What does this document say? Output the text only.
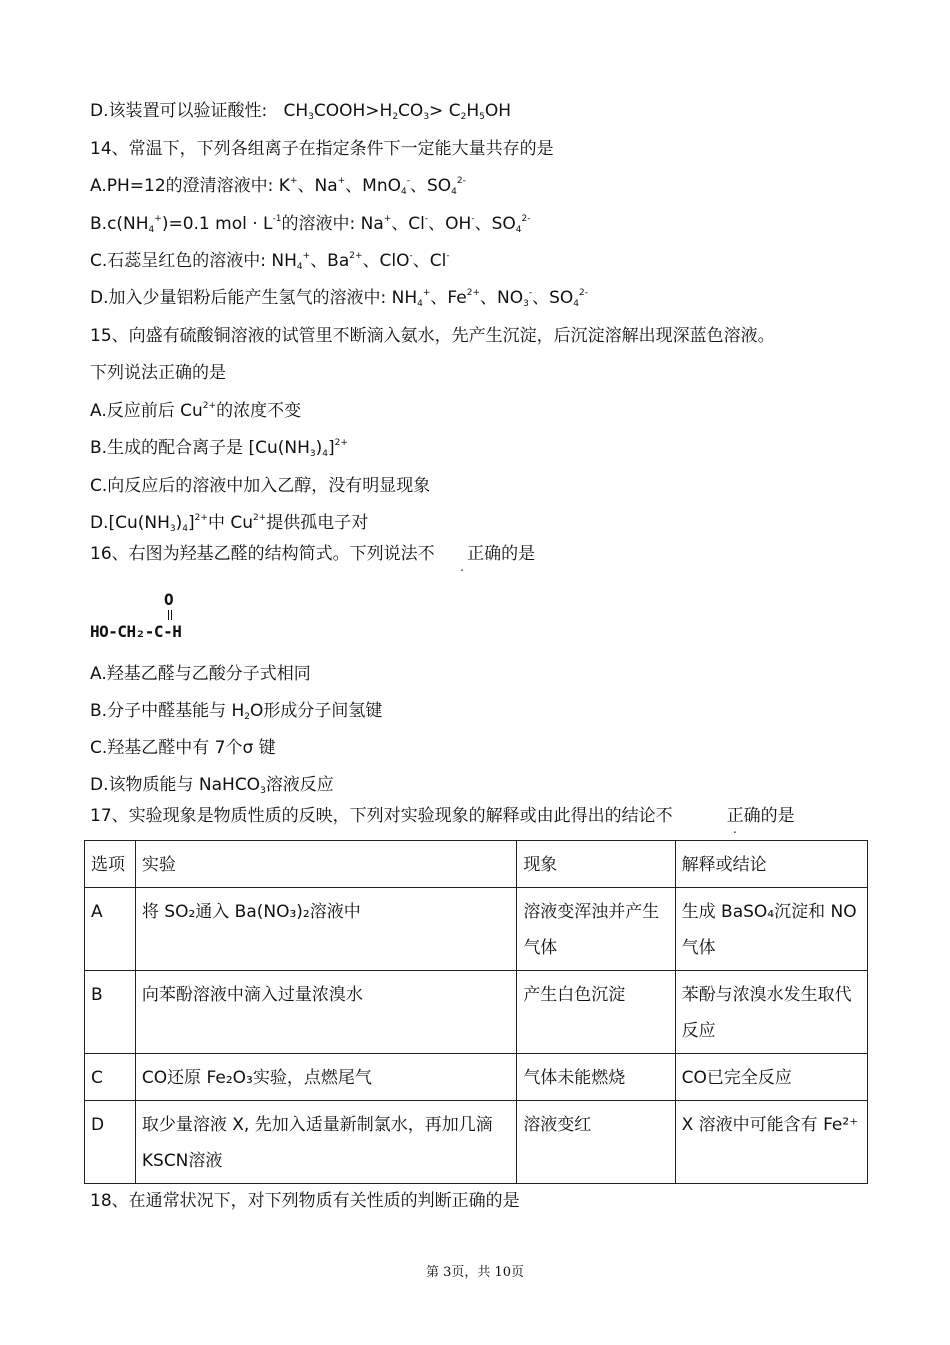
D.该装置可以验证酸性: $CH_3COOH>H_2CO_3> C_2H_5OH$
14、常温下，下列各组离子在指定条件下一定能大量共存的是
A.PH=12的澄清溶液中: K+、Na+、MnO$_4$-、$SO_4^{2-}$
$B.c(NH_4^+)=0.1$ mol · $L^{-1}$的溶液中: Na+、Cl-、OH-、$SO_4^{2-}$
C.石蕊呈红色的溶液中: $NH_4^+$、$Ba^{2+}$、ClO-、Cl-
D.加入少量铝粉后能产生氢气的溶液中: $NH_4^+$、$Fe^{2+}$、$NO_3^-$、$SO_4^{2-}$
15、向盛有硫酸铜溶液的试管里不断滴入氨水，先产生沉淀，后沉淀溶解出现深蓝色溶液。
下列说法正确的是
A.反应前后 $Cu^{2+}$的浓度不变
B.生成的配合离子是 $[Cu(NH_3)_4]^{2+}$
C.向反应后的溶液中加入乙醇，没有明显现象
$D.[Cu(NH_3)_4]^{2+}$中 $Cu^{2+}$提供孤电子对
16、右图为羟基乙醛的结构简式。下列说法不 正确的是
.
O
HO-CH₂-C-H
A.羟基乙醛与乙酸分子式相同
B.分子中醛基能与 $H_2O$形成分子间氢键
C.羟基乙醛中有 7个σ 键
D.该物质能与 NaHCO$_3$溶液反应
17、实验现象是物质性质的反映，下列对实验现象的解释或由此得出的结论不	正确的是
.
选项	实验	现象	解释或结论
A	将 SO₂通入 Ba(NO₃)₂溶液中	溶液变浑浊并产生气体	生成 BaSO₄沉淀和 NO气体
B	向苯酚溶液中滴入过量浓溴水	产生白色沉淀	苯酚与浓溴水发生取代反应
C	CO还原 Fe₂O₃实验，点燃尾气	气体未能燃烧	CO已完全反应
D	取少量溶液 X, 先加入适量新制氯水，再加几滴 KSCN溶液	溶液变红	X 溶液中可能含有 Fe²⁺
18、在通常状况下，对下列物质有关性质的判断正确的是
第 3页，共 10页
